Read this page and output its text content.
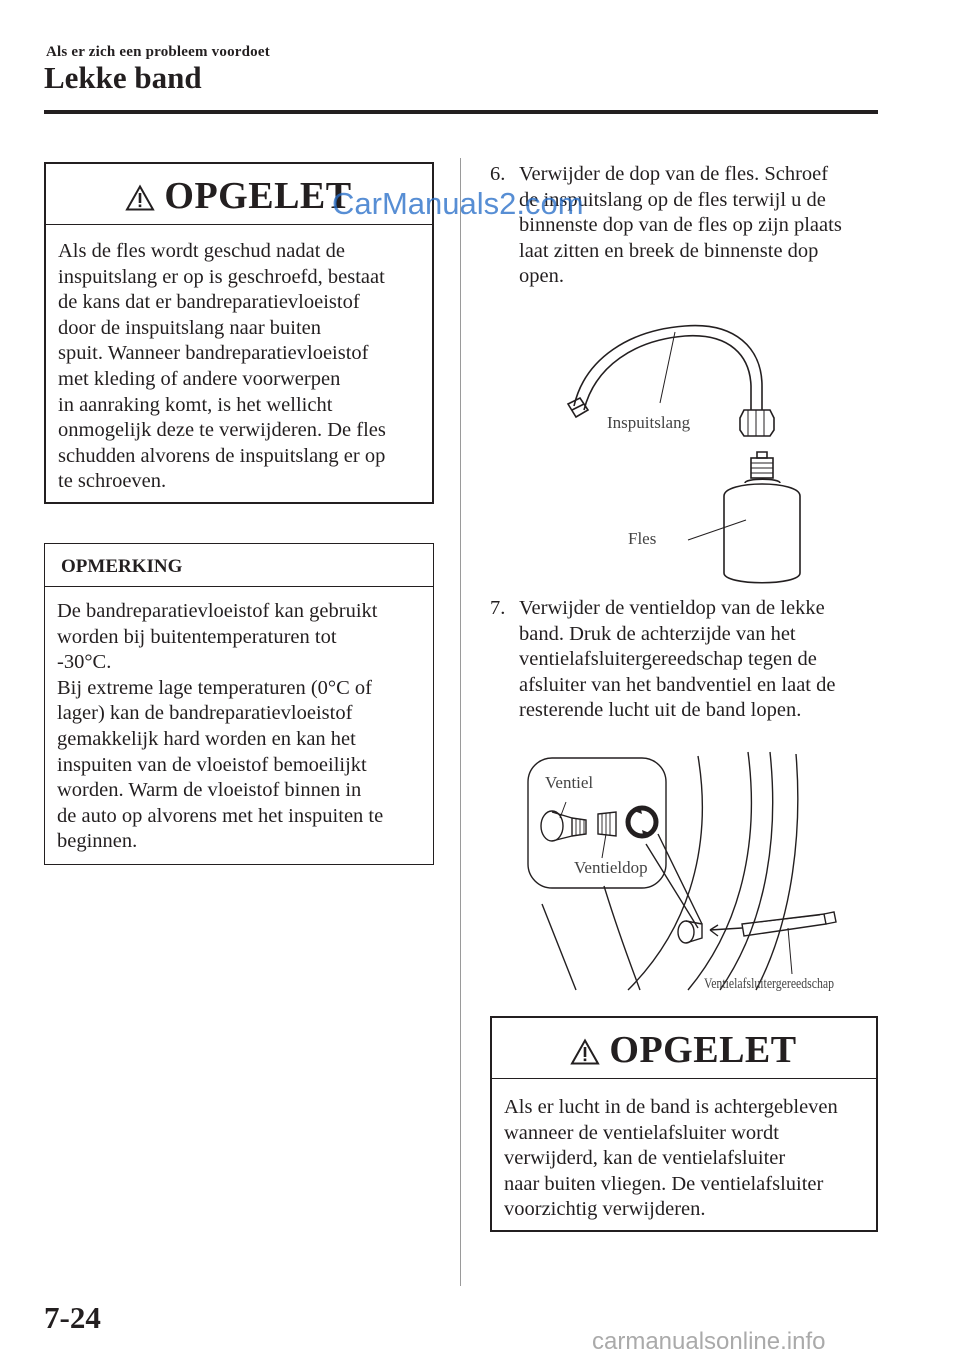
Als er zich een probleem voordoet
Lekke band
OPGELET
Als de fles wordt geschud nadat de
inspuitslang er op is geschroefd, bestaat
de kans dat er bandreparatievloeistof
door de inspuitslang naar buiten
spuit. Wanneer bandreparatievloeistof
met kleding of andere voorwerpen
in aanraking komt, is het wellicht
onmogelijk deze te verwijderen. De fles
schudden alvorens de inspuitslang er op
te schroeven.
OPMERKING
De bandreparatievloeistof kan gebruikt
worden bij buitentemperaturen tot
-30°C.
Bij extreme lage temperaturen (0°C of
lager) kan de bandreparatievloeistof
gemakkelijk hard worden en kan het
inspuiten van de vloeistof bemoeilijkt
worden. Warm de vloeistof binnen in
de auto op alvorens met het inspuiten te
beginnen.
6. Verwijder de dop van de fles. Schroef
de inspuitslang op de fles terwijl u de
binnenste dop van de fles op zijn plaats
laat zitten en breek de binnenste dop
open.
Inspuitslang
Fles
7. Verwijder de ventieldop van de lekke
band. Druk de achterzijde van het
ventielafsluitergereedschap tegen de
afsluiter van het bandventiel en laat de
resterende lucht uit de band lopen.
Ventiel
Ventieldop
Ventielafsluitergereedschap
OPGELET
Als er lucht in de band is achtergebleven
wanneer de ventielafsluiter wordt
verwijderd, kan de ventielafsluiter
naar buiten vliegen. De ventielafsluiter
voorzichtig verwijderen.
CarManuals2.com
7-24
carmanualsonline.info
